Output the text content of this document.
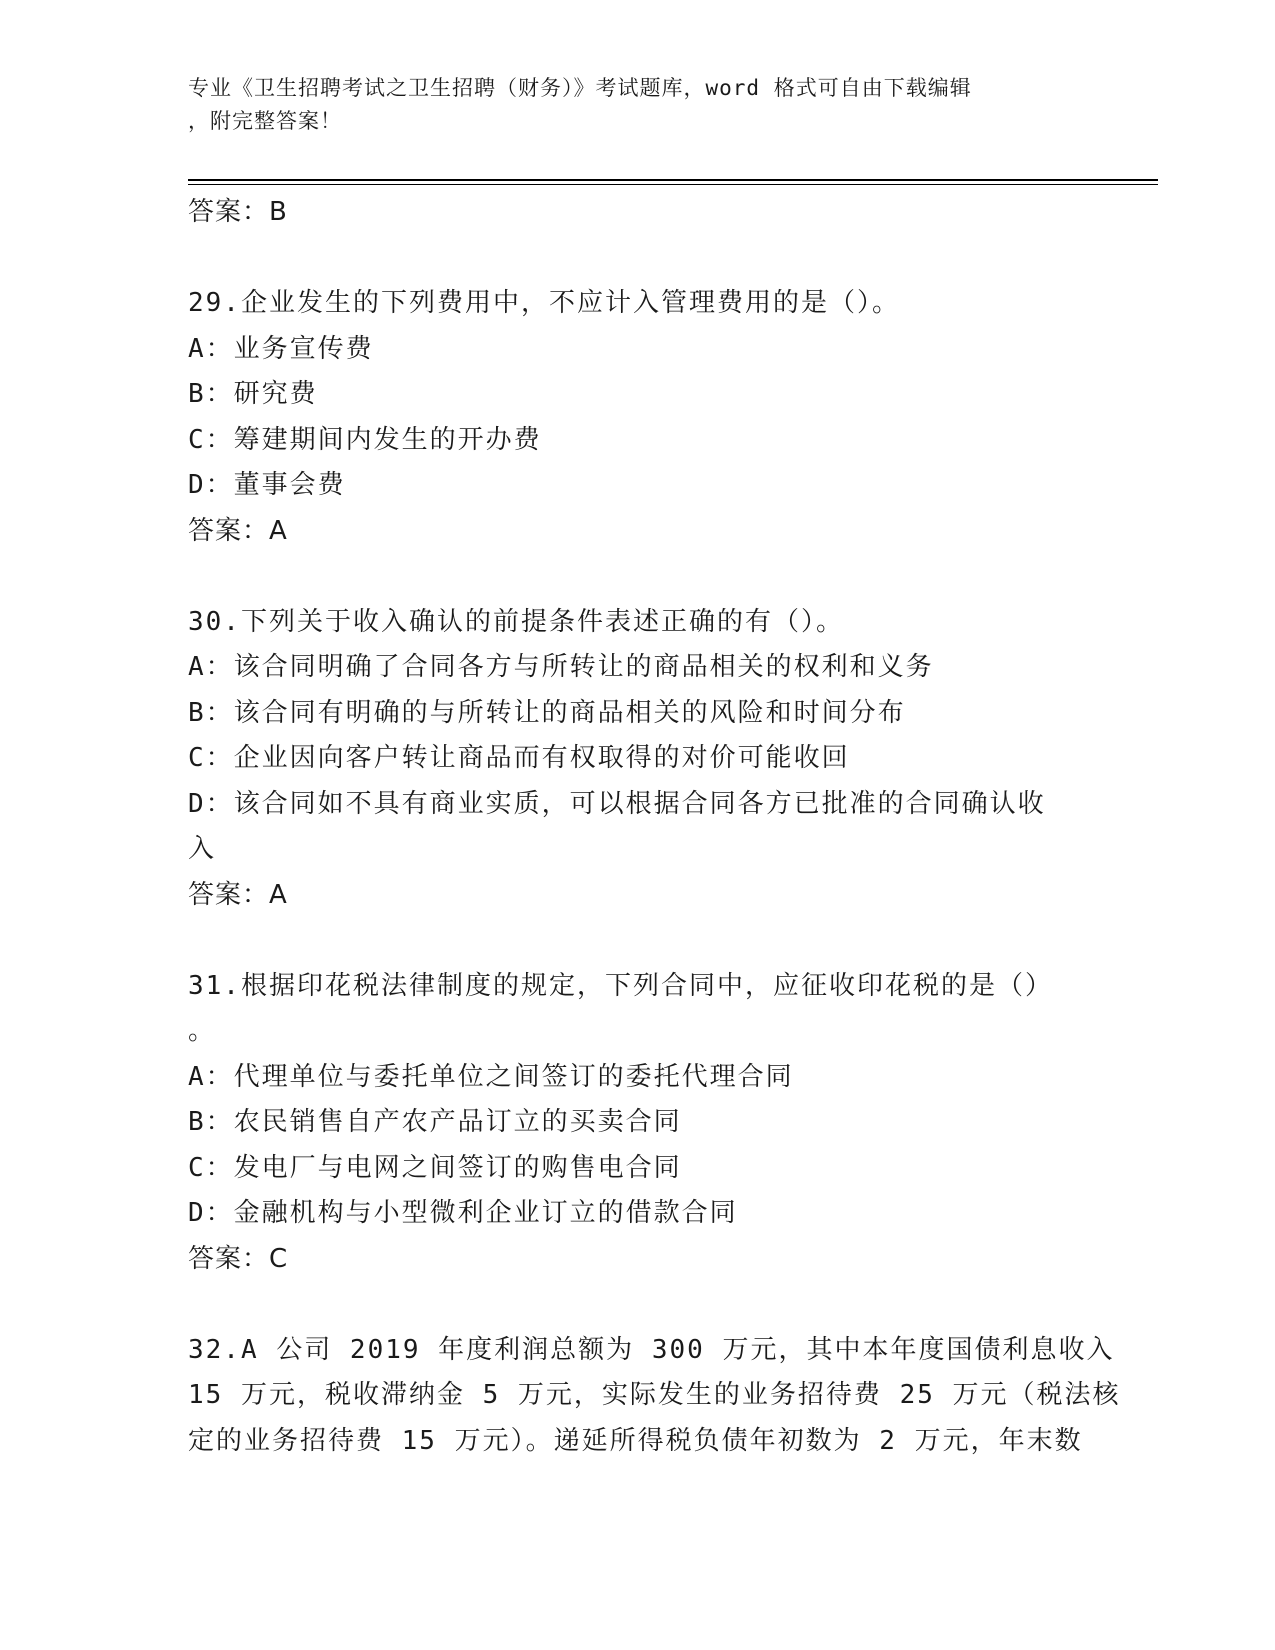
专业《卫生招聘考试之卫生招聘（财务）》考试题库，word 格式可自由下载编辑
，附完整答案！
答案：B
29.企业发生的下列费用中，不应计入管理费用的是（）。
A：业务宣传费
B：研究费
C：筹建期间内发生的开办费
D：董事会费
答案：A
30.下列关于收入确认的前提条件表述正确的有（）。
A：该合同明确了合同各方与所转让的商品相关的权利和义务
B：该合同有明确的与所转让的商品相关的风险和时间分布
C：企业因向客户转让商品而有权取得的对价可能收回
D：该合同如不具有商业实质，可以根据合同各方已批准的合同确认收
入
答案：A
31.根据印花税法律制度的规定，下列合同中，应征收印花税的是（）
。
A：代理单位与委托单位之间签订的委托代理合同
B：农民销售自产农产品订立的买卖合同
C：发电厂与电网之间签订的购售电合同
D：金融机构与小型微利企业订立的借款合同
答案：C
32.A 公司 2019 年度利润总额为 300 万元，其中本年度国债利息收入
15 万元，税收滞纳金 5 万元，实际发生的业务招待费 25 万元（税法核
定的业务招待费 15 万元）。递延所得税负债年初数为 2 万元，年末数
